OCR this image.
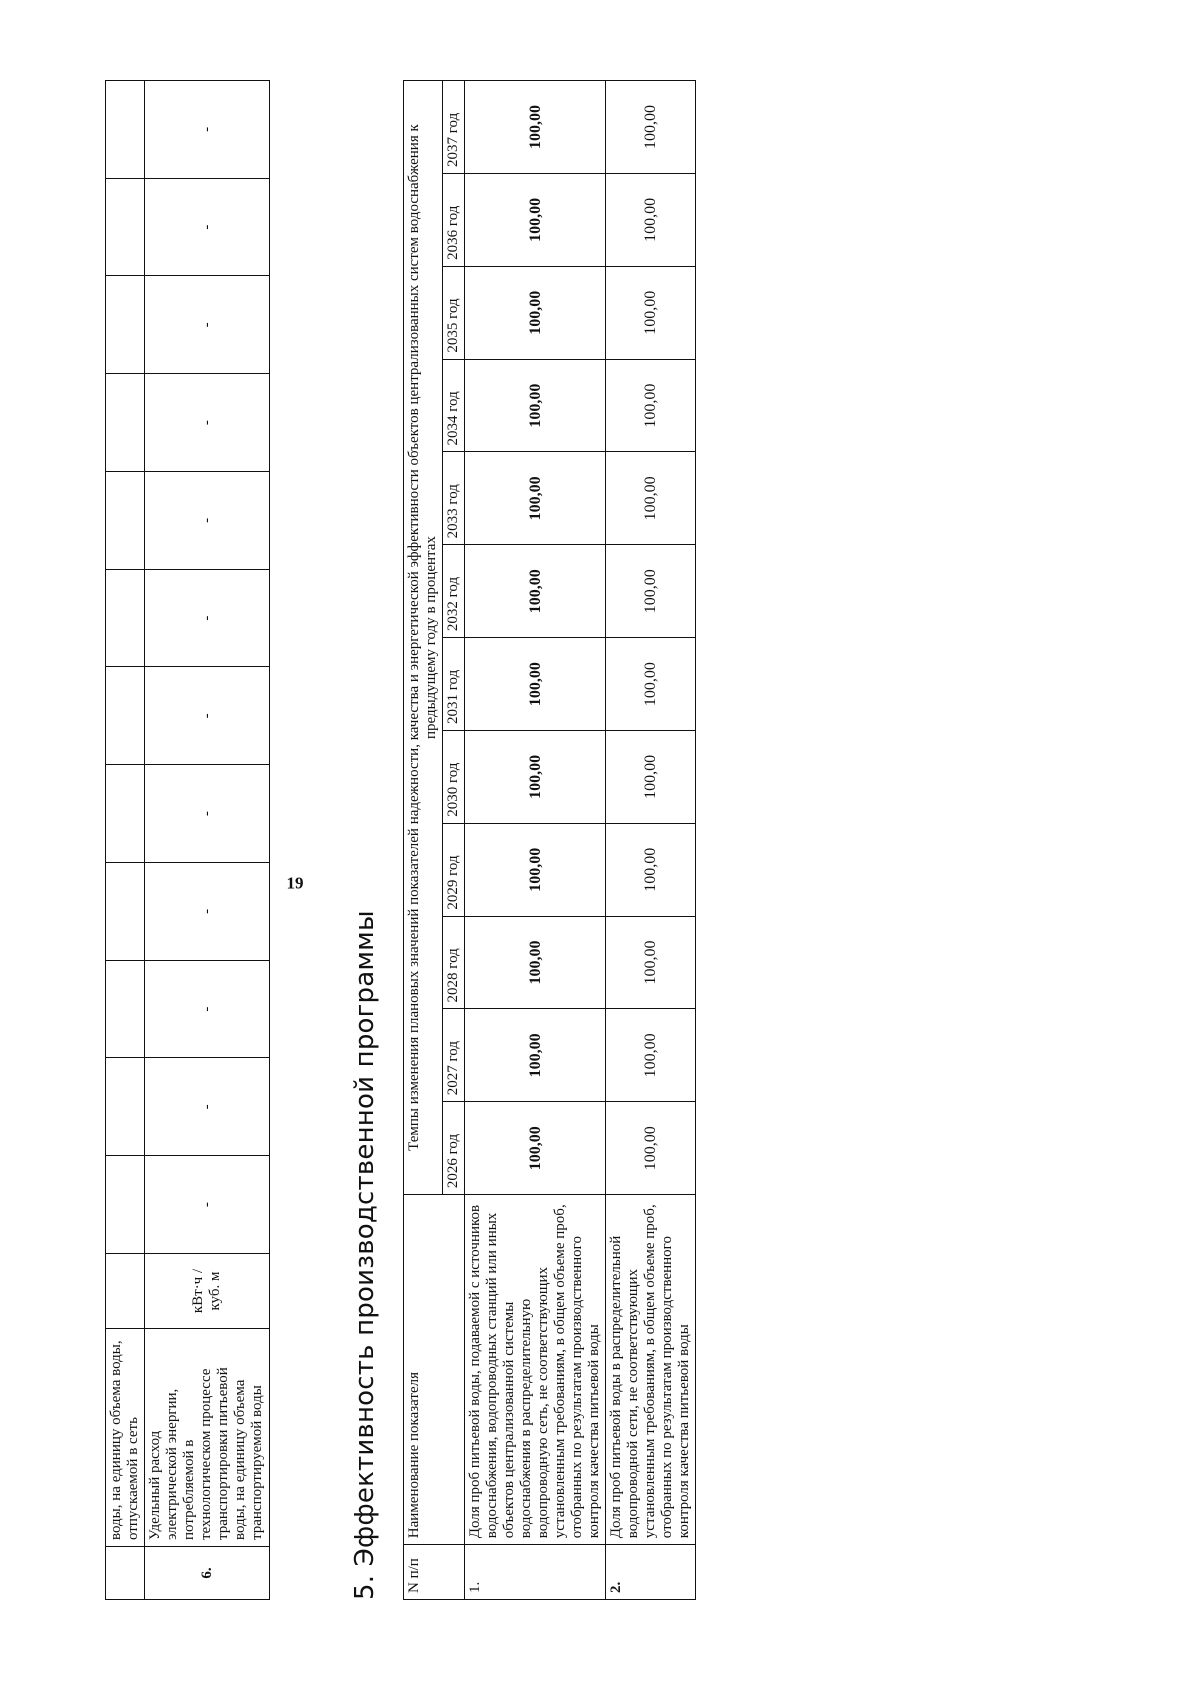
	воды, на единицу объема воды, отпускаемой в сеть													
6.	Удельный расход электрической энергии, потребляемой в технологическом процессе транспортировки питьевой воды, на единицу объема транспортируемой воды	кВт·ч / куб. м	-	-	-	-	-	-	-	-	-	-	-	-
19
5. Эффективность производственной программы N п/п	Наименование показателя	Темпы изменения плановых значений показателей надежности, качества и энергетической эффективности объектов централизованных систем водоснабжения к предыдущему году в процентах											
		2026 год	2027 год	2028 год	2029 год	2030 год	2031 год	2032 год	2033 год	2034 год	2035 год	2036 год	2037 год
1.	Доля проб питьевой воды, подаваемой с источников водоснабжения, водопроводных станций или иных объектов централизованной системы водоснабжения в распределительную водопроводную сеть, не соответствующих установленным требованиям, в общем объеме проб, отобранных по результатам производственного контроля качества питьевой воды	100,00	100,00	100,00	100,00	100,00	100,00	100,00	100,00	100,00	100,00	100,00	100,00
2.	Доля проб питьевой воды в распределительной водопроводной сети, не соответствующих установленным требованиям, в общем объеме проб, отобранных по результатам производственного контроля качества питьевой воды	100,00	100,00	100,00	100,00	100,00	100,00	100,00	100,00	100,00	100,00	100,00	100,00
